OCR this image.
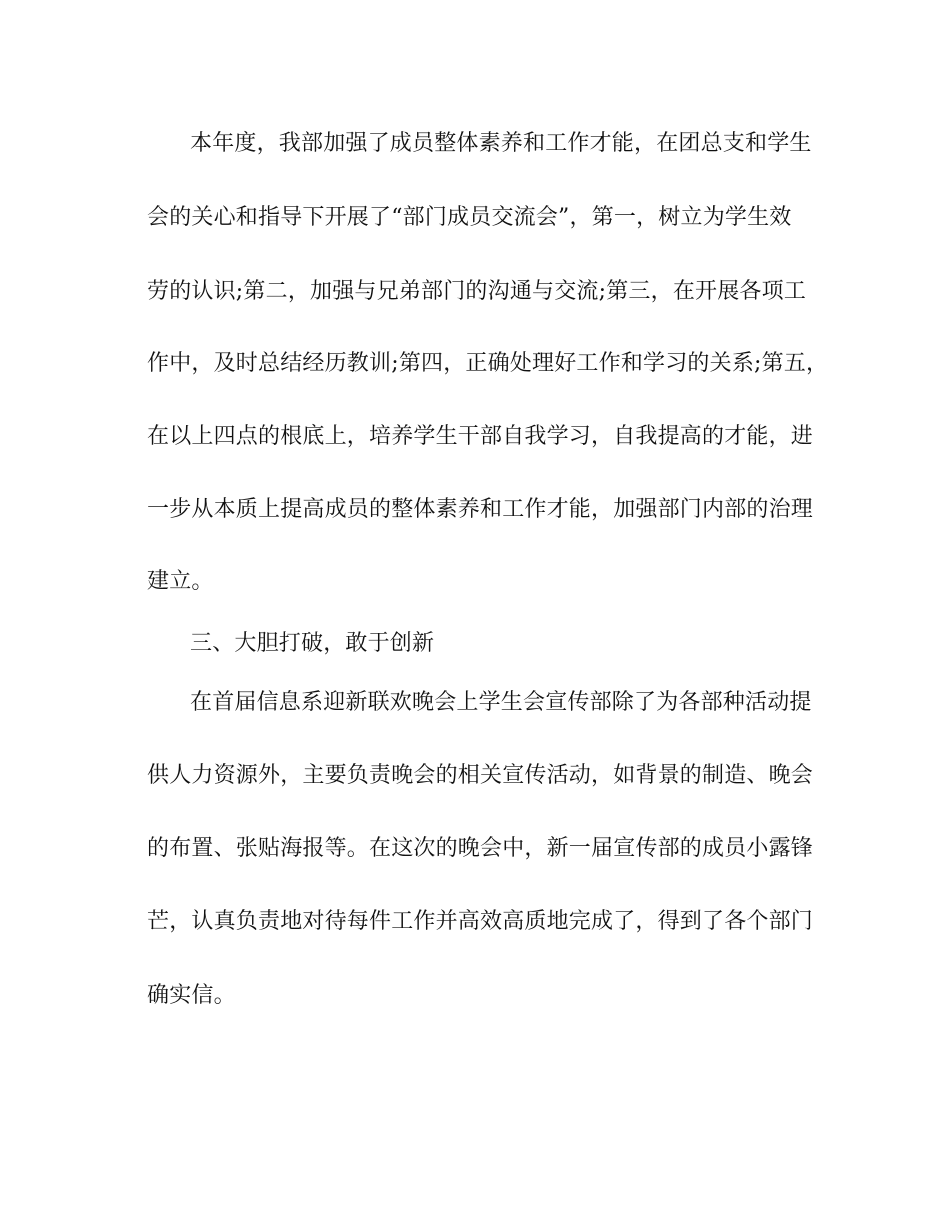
本年度，我部加强了成员整体素养和工作才能，在团总支和学生
会的关心和指导下开展了“部门成员交流会”，第一，树立为学生效
劳的认识;第二，加强与兄弟部门的沟通与交流;第三，在开展各项工
作中，及时总结经历教训;第四，正确处理好工作和学习的关系;第五，
在以上四点的根底上，培养学生干部自我学习，自我提高的才能，进
一步从本质上提高成员的整体素养和工作才能，加强部门内部的治理
建立。
三、大胆打破，敢于创新
在首届信息系迎新联欢晚会上学生会宣传部除了为各部种活动提
供人力资源外，主要负责晚会的相关宣传活动，如背景的制造、晚会
的布置、张贴海报等。在这次的晚会中，新一届宣传部的成员小露锋
芒，认真负责地对待每件工作并高效高质地完成了，得到了各个部门
确实信。
